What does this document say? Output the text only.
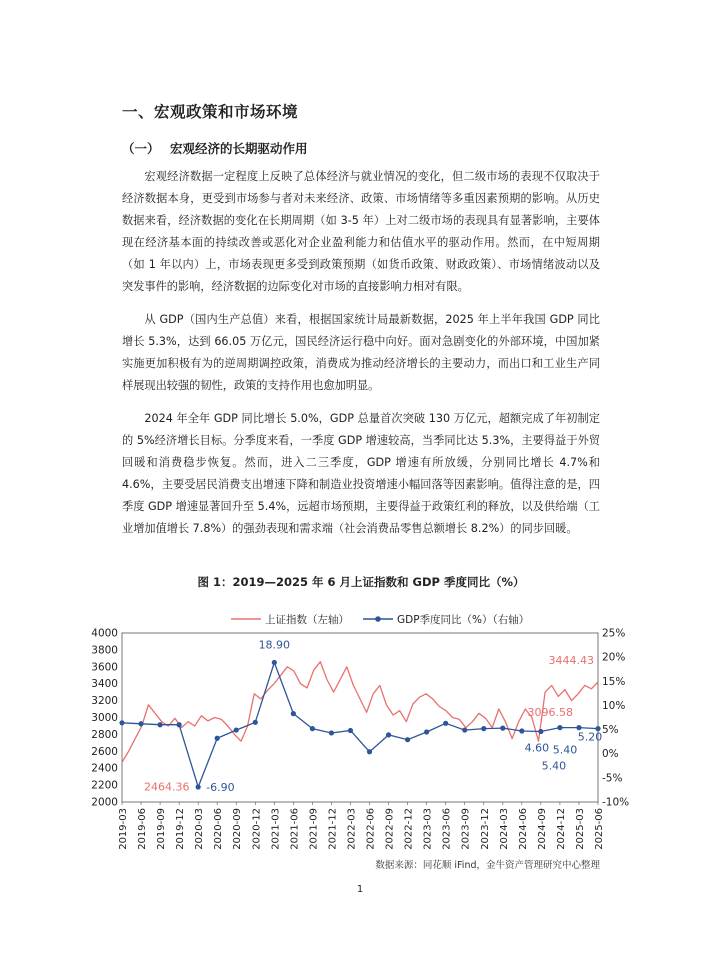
一、宏观政策和市场环境
（一） 宏观经济的长期驱动作用

宏观经济数据一定程度上反映了总体经济与就业情况的变化，但二级市场的表现不仅取决于经济数据本身，更受到市场参与者对未来经济、政策、市场情绪等多重因素预期的影响。从历史数据来看，经济数据的变化在长期周期（如 3-5 年）上对二级市场的表现具有显著影响，主要体现在经济基本面的持续改善或恶化对企业盈利能力和估值水平的驱动作用。然而，在中短周期（如 1 年以内）上，市场表现更多受到政策预期（如货币政策、财政政策）、市场情绪波动以及突发事件的影响，经济数据的边际变化对市场的直接影响力相对有限。

从 GDP（国内生产总值）来看，根据国家统计局最新数据，2025 年上半年我国 GDP 同比增长 5.3%，达到 66.05 万亿元，国民经济运行稳中向好。面对急剧变化的外部环境，中国加紧实施更加积极有为的逆周期调控政策，消费成为推动经济增长的主要动力，而出口和工业生产同样展现出较强的韧性，政策的支持作用也愈加明显。

2024 年全年 GDP 同比增长 5.0%，GDP 总量首次突破 130 万亿元，超额完成了年初制定的 5%经济增长目标。分季度来看，一季度 GDP 增速较高，当季同比达 5.3%，主要得益于外贸回暖和消费稳步恢复。然而，进入二三季度，GDP 增速有所放缓，分别同比增长 4.7%和 4.6%，主要受居民消费支出增速下降和制造业投资增速小幅回落等因素影响。值得注意的是，四季度 GDP 增速显著回升至 5.4%，远超市场预期，主要得益于政策红利的释放，以及供给端（工业增加值增长 7.8%）的强劲表现和需求端（社会消费品零售总额增长 8.2%）的同步回暖。

图 1：2019—2025 年 6 月上证指数和 GDP 季度同比（%）
2000
2200
2400
2600
2800
3000
3200
3400
3600
3800
4000
-10%
-5%
0%
5%
10%
15%
20%
25%
2019-03 2019-06 2019-09 2019-12 2020-03 2020-06 2020-09 2020-12 2021-03 2021-06 2021-09 2021-12 2022-03 2022-06 2022-09 2022-12 2023-03 2023-06 2023-09 2023-12 2024-03 2024-06 2024-09 2024-12 2025-03 2025-06
上证指数（左轴）	GDP季度同比（%）（右轴）
18.90
-6.90
2464.36
3444.43
3096.58
4.60
5.40
5.40
5.20
数据来源：同花顺 iFind，金牛资产管理研究中心整理
1
